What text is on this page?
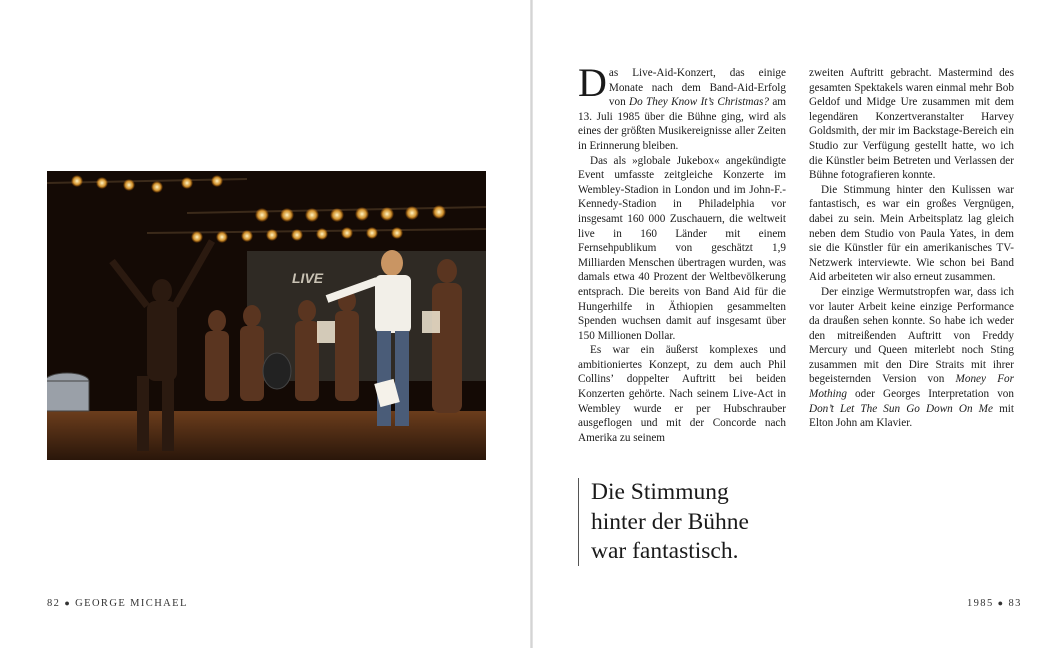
LIVE

Das Live-Aid-Konzert, das einige Monate nach dem Band-Aid-Erfolg von Do They Know It’s Christmas? am 13. Juli 1985 über die Bühne ging, wird als eines der größten Musikereignisse aller Zeiten in Erinnerung bleiben.

Das als »globale Jukebox« angekündigte Event umfasste zeitgleiche Konzerte im Wembley-Stadion in London und im John-F.-Kennedy-Stadion in Philadelphia vor insgesamt 160 000 Zuschauern, die weltweit live in 160 Länder mit einem Fernsehpublikum von geschätzt 1,9 Milliarden Menschen übertragen wurden, was damals etwa 40 Prozent der Weltbevölkerung entsprach. Die bereits von Band Aid für die Hungerhilfe in Äthiopien gesammelten Spenden wuchsen damit auf insgesamt über 150 Millionen Dollar.

Es war ein äußerst komplexes und ambitioniertes Konzept, zu dem auch Phil Collins’ doppelter Auftritt bei beiden Konzerten gehörte. Nach seinem Live-Act in Wembley wurde er per Hubschrauber ausgeflogen und mit der Concorde nach Amerika zu seinem

zweiten Auftritt gebracht. Mastermind des gesamten Spektakels waren einmal mehr Bob Geldof und Midge Ure zusammen mit dem legendären Konzertveranstalter Harvey Goldsmith, der mir im Backstage-Bereich ein Studio zur Verfügung gestellt hatte, wo ich die Künstler beim Betreten und Verlassen der Bühne fotografieren konnte.

Die Stimmung hinter den Kulissen war fantastisch, es war ein großes Vergnügen, dabei zu sein. Mein Arbeitsplatz lag gleich neben dem Studio von Paula Yates, in dem sie die Künstler für ein amerikanisches TV-Netzwerk interviewte. Wie schon bei Band Aid arbeiteten wir also erneut zusammen.

Der einzige Wermutstropfen war, dass ich vor lauter Arbeit keine einzige Performance da draußen sehen konnte. So habe ich weder den mitreißenden Auftritt von Freddy Mercury und Queen miterlebt noch Sting zusammen mit den Dire Straits mit ihrer begeisternden Version von Money For Mothing oder Georges Interpretation von Don’t Let The Sun Go Down On Me mit Elton John am Klavier.

Die Stimmung
hinter der Bühne
war fantastisch.
82 ● GEORGE MICHAEL	1985 ● 83
